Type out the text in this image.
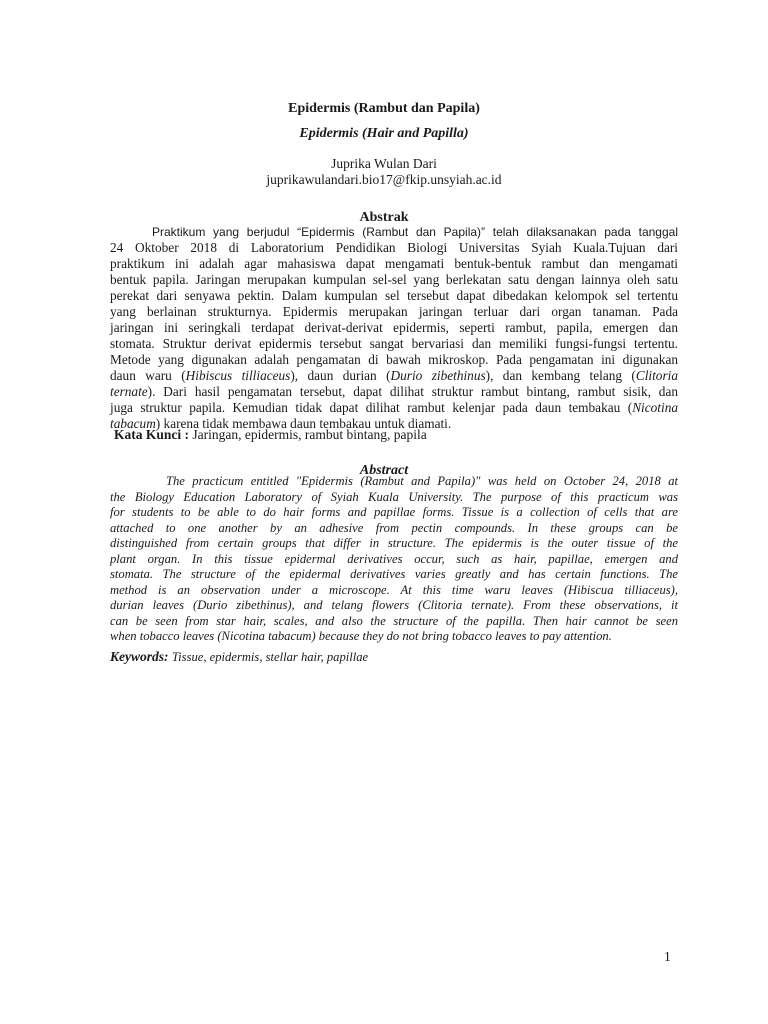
Epidermis (Rambut dan Papila)
Epidermis (Hair and Papilla)
Juprika Wulan Dari
juprikawulandari.bio17@fkip.unsyiah.ac.id
Abstrak
Praktikum yang berjudul “Epidermis (Rambut dan Papila)” telah dilaksanakan pada tanggal
24 Oktober 2018 di Laboratorium Pendidikan Biologi Universitas Syiah Kuala.Tujuan dari
praktikum ini adalah agar mahasiswa dapat mengamati bentuk-bentuk rambut dan mengamati
bentuk papila. Jaringan merupakan kumpulan sel-sel yang berlekatan satu dengan lainnya oleh satu
perekat dari senyawa pektin. Dalam kumpulan sel tersebut dapat dibedakan kelompok sel tertentu
yang berlainan strukturnya. Epidermis merupakan jaringan terluar dari organ tanaman. Pada
jaringan ini seringkali terdapat derivat-derivat epidermis, seperti rambut, papila, emergen dan
stomata. Struktur derivat epidermis tersebut sangat bervariasi dan memiliki fungsi-fungsi tertentu.
Metode yang digunakan adalah pengamatan di bawah mikroskop. Pada pengamatan ini digunakan
daun waru (Hibiscus tilliaceus), daun durian (Durio zibethinus), dan kembang telang (Clitoria
ternate). Dari hasil pengamatan tersebut, dapat dilihat struktur rambut bintang, rambut sisik, dan
juga struktur papila. Kemudian tidak dapat dilihat rambut kelenjar pada daun tembakau (Nicotina
tabacum) karena tidak membawa daun tembakau untuk diamati.
Kata Kunci : Jaringan, epidermis, rambut bintang, papila
Abstract
The practicum entitled "Epidermis (Rambut and Papila)" was held on October 24, 2018 at
the Biology Education Laboratory of Syiah Kuala University. The purpose of this practicum was
for students to be able to do hair forms and papillae forms. Tissue is a collection of cells that are
attached to one another by an adhesive from pectin compounds. In these groups can be
distinguished from certain groups that differ in structure. The epidermis is the outer tissue of the
plant organ. In this tissue epidermal derivatives occur, such as hair, papillae, emergen and
stomata. The structure of the epidermal derivatives varies greatly and has certain functions. The
method is an observation under a microscope. At this time waru leaves (Hibiscua tilliaceus),
durian leaves (Durio zibethinus), and telang flowers (Clitoria ternate). From these observations, it
can be seen from star hair, scales, and also the structure of the papilla. Then hair cannot be seen
when tobacco leaves (Nicotina tabacum) because they do not bring tobacco leaves to pay attention.
Keywords: Tissue, epidermis, stellar hair, papillae
1
